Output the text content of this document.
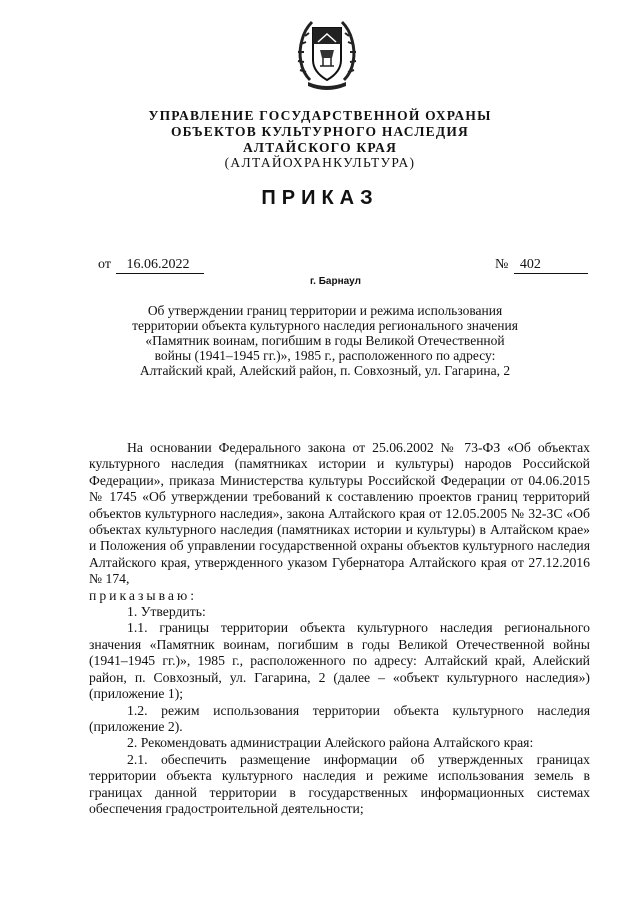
УПРАВЛЕНИЕ ГОСУДАРСТВЕННОЙ ОХРАНЫ
ОБЪЕКТОВ КУЛЬТУРНОГО НАСЛЕДИЯ
АЛТАЙСКОГО КРАЯ
(АЛТАЙОХРАНКУЛЬТУРА)
ПРИКАЗ
от 16.06.2022	№ 402
г. Барнаул
Об утверждении границ территории и режима использования территории объекта культурного наследия регионального значения «Памятник воинам, погибшим в годы Великой Отечественной войны (1941–1945 гг.)», 1985 г., расположенного по адресу: Алтайский край, Алейский район, п. Совхозный, ул. Гагарина, 2

На основании Федерального закона от 25.06.2002 № 73-ФЗ «Об объектах культурного наследия (памятниках истории и культуры) народов Российской Федерации», приказа Министерства культуры Российской Федерации от 04.06.2015 № 1745 «Об утверждении требований к составлению проектов границ территорий объектов культурного наследия», закона Алтайского края от 12.05.2005 № 32-ЗС «Об объектах культурного наследия (памятниках истории и культуры) в Алтайском крае» и Положения об управлении государственной охраны объектов культурного наследия Алтайского края, утвержденного указом Губернатора Алтайского края от 27.12.2016 № 174,

приказываю:

1. Утвердить:

1.1. границы территории объекта культурного наследия регионального значения «Памятник воинам, погибшим в годы Великой Отечественной войны (1941–1945 гг.)», 1985 г., расположенного по адресу: Алтайский край, Алейский район, п. Совхозный, ул. Гагарина, 2 (далее – «объект культурного наследия») (приложение 1);

1.2. режим использования территории объекта культурного наследия (приложение 2).

2. Рекомендовать администрации Алейского района Алтайского края:

2.1. обеспечить размещение информации об утвержденных границах территории объекта культурного наследия и режиме использования земель в границах данной территории в государственных информационных системах обеспечения градостроительной деятельности;
